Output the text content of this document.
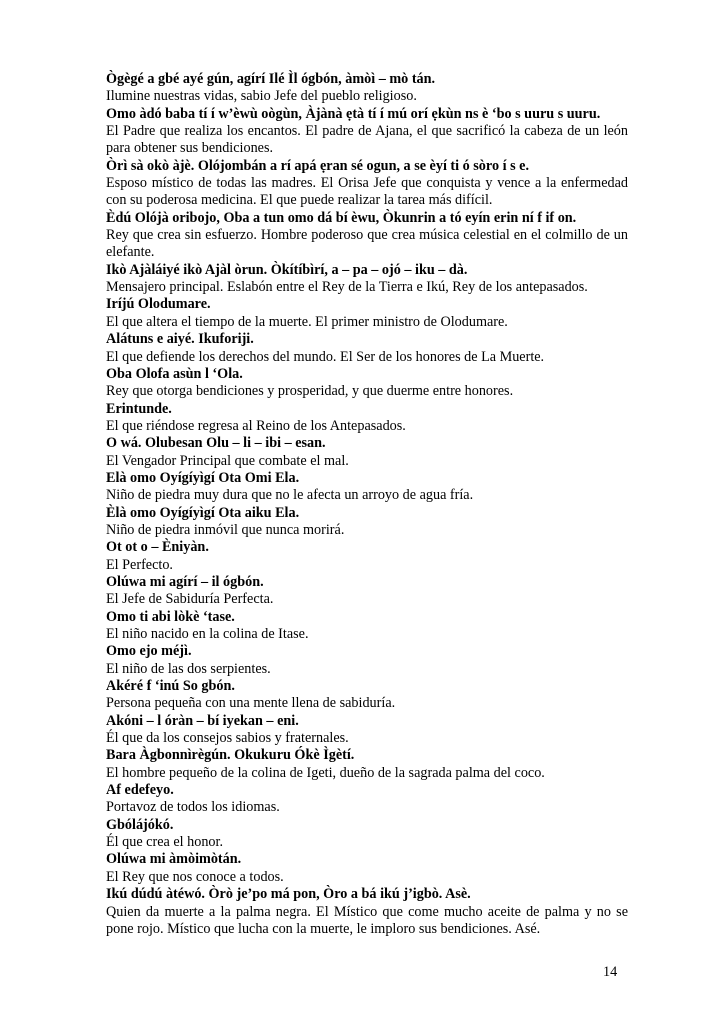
Ògègé a gbé ayé gún, agírí Ilé Ìl ógbón, àmòì – mò tán.

Ilumine nuestras vidas, sabio Jefe del pueblo religioso.

Omo àdó baba tí í w’èwù oògùn, Àjànà ẹtà tí í mú orí ẹkùn ns è ‘bo s uuru s uuru.

El Padre que realiza los encantos. El padre de Ajana, el que sacrificó la cabeza de un león para obtener sus bendiciones.

Òrì sà okò àjè. Olójombán a rí apá ẹran sé ogun, a se èyí ti ó sòro í s e.

Esposo místico de todas las madres. El Orisa Jefe que conquista y vence a la enfermedad con su poderosa medicina. El que puede realizar la tarea más difícil.

Èdú Olójà oribojo, Oba a tun omo dá bí èwu, Òkunrin a tó eyín erin ní f if on.

Rey que crea sin esfuerzo. Hombre poderoso que crea música celestial en el colmillo de un elefante.

Ikò Ajàláiyé ikò Ajàl òrun. Òkítíbìrí, a – pa – ojó – iku – dà.

Mensajero principal. Eslabón entre el Rey de la Tierra e Ikú, Rey de los antepasados.

Iríjú Olodumare.

El que altera el tiempo de la muerte. El primer ministro de Olodumare.

Alátuns e aiyé. Ikuforiji.

El que defiende los derechos del mundo. El Ser de los honores de La Muerte.

Oba Olofa asùn l ‘Ola.

Rey que otorga bendiciones y prosperidad, y que duerme entre honores.

Erintunde.

El que riéndose regresa al Reino de los Antepasados.

O wá. Olubesan Olu – li – ibi – esan.

El Vengador Principal que combate el mal.

Elà omo Oyígíyìgí Ota Omi Ela.

Niño de piedra muy dura que no le afecta un arroyo de agua fría.

Èlà omo Oyígíyìgí Ota aiku Ela.

Niño de piedra inmóvil que nunca morirá.

Ot ot o – Èniyàn.

El Perfecto.

Olúwa mi agírí – il ógbón.

El Jefe de Sabiduría Perfecta.

Omo ti abi lòkè ‘tase.

El niño nacido en la colina de Itase.

Omo ejo méjì.

El niño de las dos serpientes.

Akéré f ‘inú So gbón.

Persona pequeña con una mente llena de sabiduría.

Akóni – l óràn – bí iyekan – eni.

Él que da los consejos sabios y fraternales.

Bara Àgbonnìrègún. Okukuru Ókè Ìgètí.

El hombre pequeño de la colina de Igeti, dueño de la sagrada palma del coco.

Af edefeyo.

Portavoz de todos los idiomas.

Gbólájókó.

Él que crea el honor.

Olúwa mi àmòimòtán.

El Rey que nos conoce a todos.

Ikú dúdú àtéwó. Òrò je’po má pon, Òro a bá ikú j’igbò. Asè.

Quien da muerte a la palma negra. El Místico que come mucho aceite de palma y no se pone rojo. Místico que lucha con la muerte, le imploro sus bendiciones. Asé.

14
